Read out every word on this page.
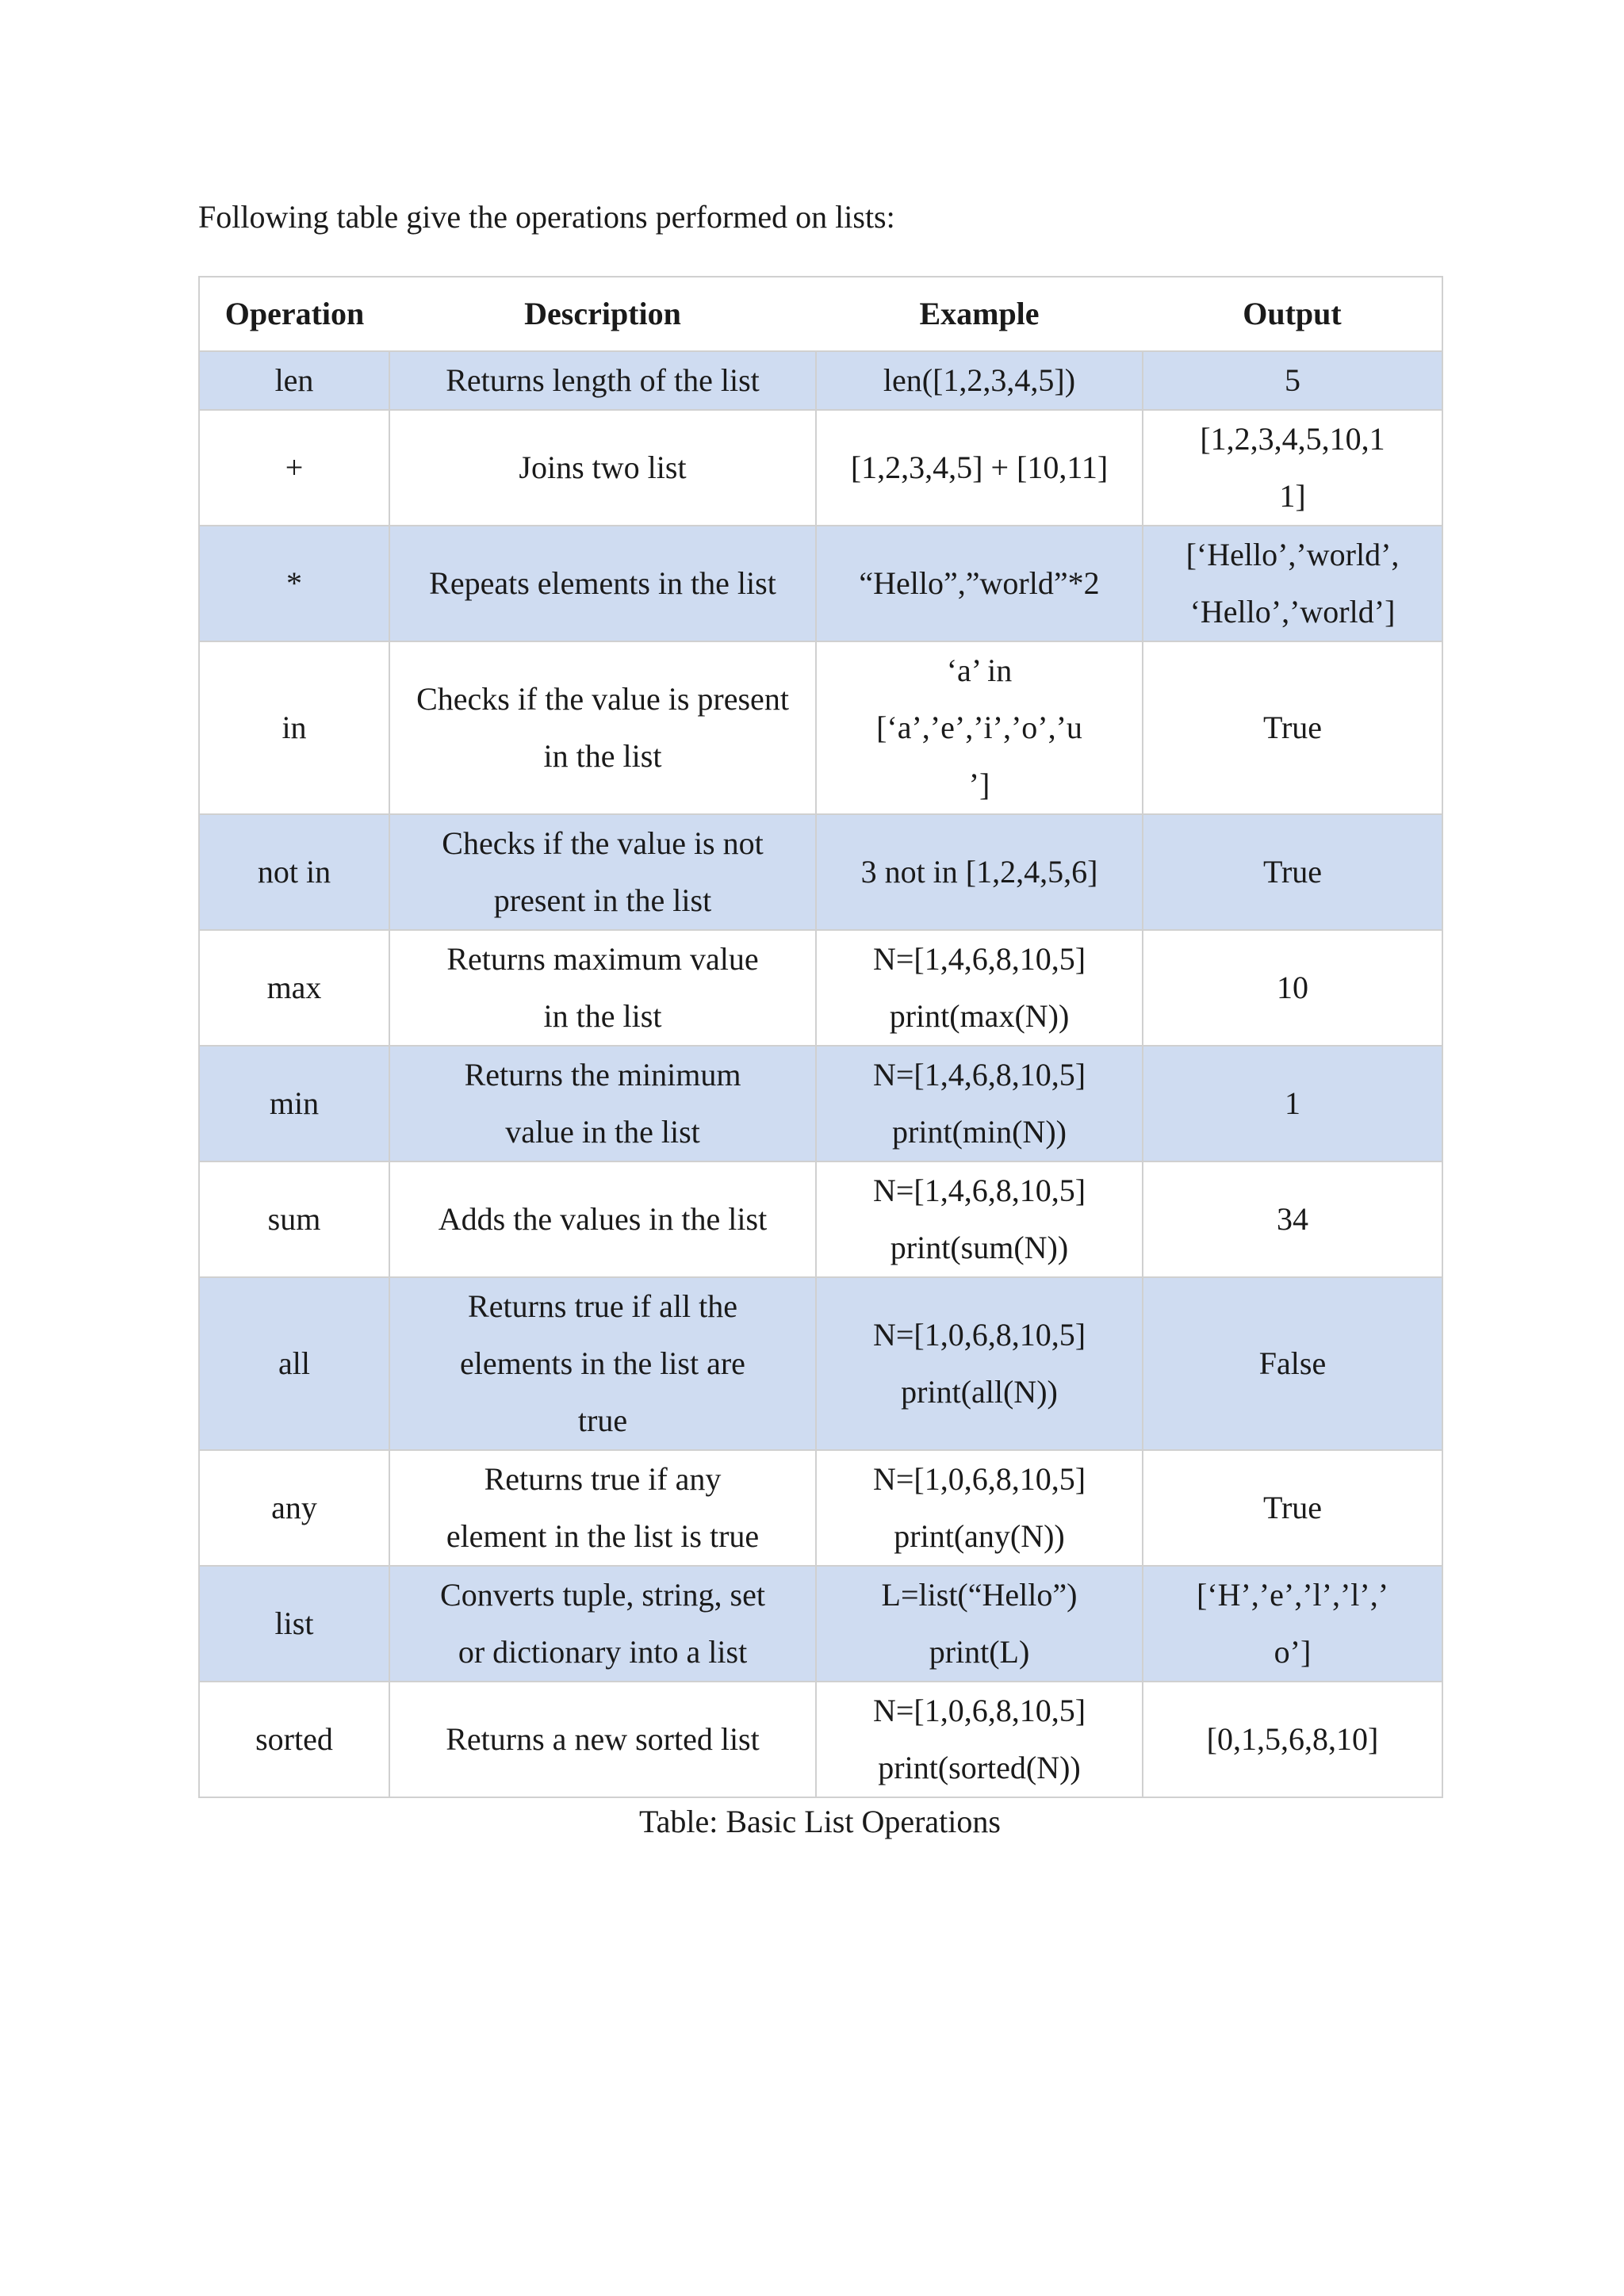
Following table give the operations performed on lists:
Operation	Description	Example	Output
len	Returns length of the list	len([1,2,3,4,5])	5

+	Joins two list	[1,2,3,4,5] + [10,11]	[1,2,3,4,5,10,1
1]

*	Repeats elements in the list	“Hello”,”world”*2	[‘Hello’,’world’,
‘Hello’,’world’]

in	Checks if the value is present
in the list	‘a’ in
[‘a’,’e’,’i’,’o’,’u
’]	True

not in	Checks if the value is not
present in the list	3 not in [1,2,4,5,6]	True

max	Returns maximum value
in the list	N=[1,4,6,8,10,5]
print(max(N))	10

min	Returns the minimum
value in the list	N=[1,4,6,8,10,5]
print(min(N))	1

sum	Adds the values in the list	N=[1,4,6,8,10,5]
print(sum(N))	34

all	Returns true if all the
elements in the list are
true	N=[1,0,6,8,10,5]
print(all(N))	False

any	Returns true if any
element in the list is true	N=[1,0,6,8,10,5]
print(any(N))	True

list	Converts tuple, string, set
or dictionary into a list	L=list(“Hello”)
print(L)	[‘H’,’e’,’l’,’l’,’
o’]

sorted	Returns a new sorted list	N=[1,0,6,8,10,5]
print(sorted(N))	[0,1,5,6,8,10]
Table: Basic List Operations
